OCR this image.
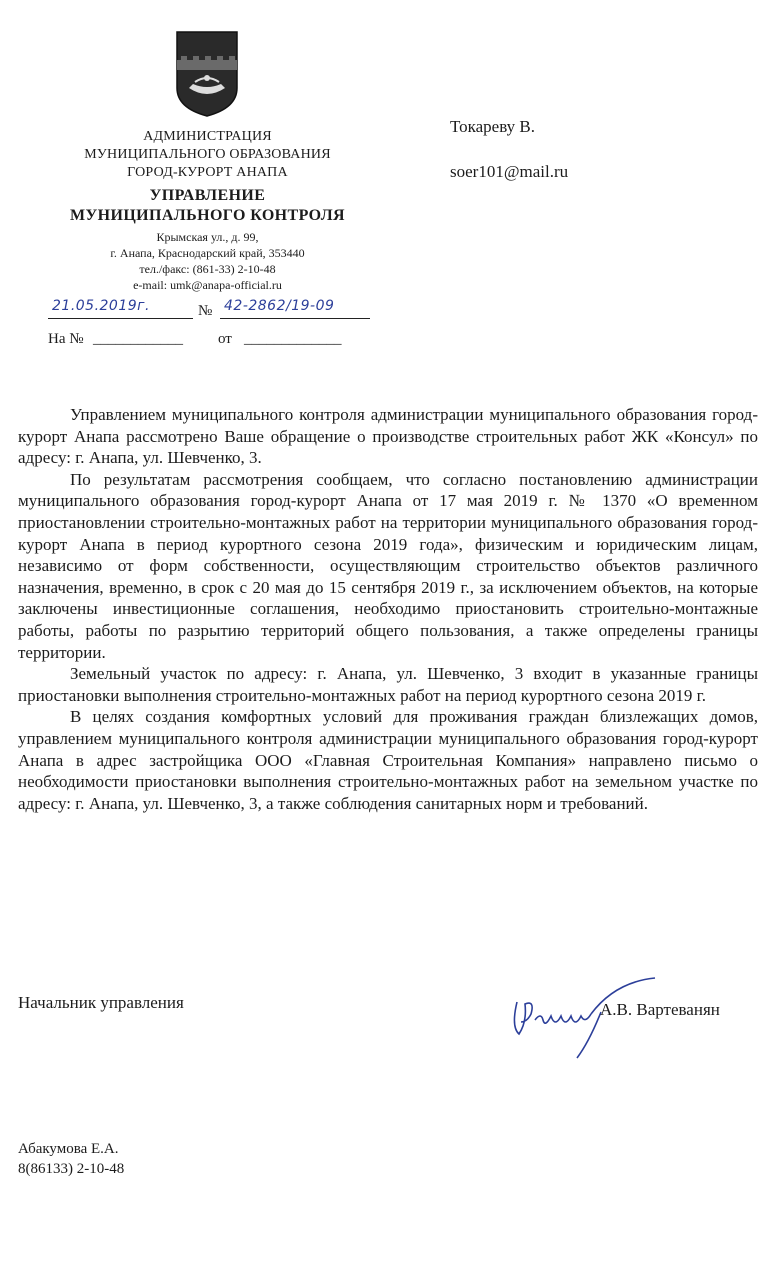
АДМИНИСТРАЦИЯ
МУНИЦИПАЛЬНОГО ОБРАЗОВАНИЯ
ГОРОД-КУРОРТ АНАПА
УПРАВЛЕНИЕ
МУНИЦИПАЛЬНОГО КОНТРОЛЯ
Крымская ул., д. 99,
г. Анапа, Краснодарский край, 353440
тел./факс: (861-33) 2-10-48
e-mail: umk@anapa-official.ru
21.05.2019г.	№ 42-2862/19-09
На № ____________ от _____________
Токареву В.
soer101@mail.ru

Управлением муниципального контроля администрации муниципального образования город-курорт Анапа рассмотрено Ваше обращение о производстве строительных работ ЖК «Консул» по адресу: г. Анапа, ул. Шевченко, 3.

По результатам рассмотрения сообщаем, что согласно постановлению администрации муниципального образования город-курорт Анапа от 17 мая 2019 г. № 1370 «О временном приостановлении строительно-монтажных работ на территории муниципального образования город-курорт Анапа в период курортного сезона 2019 года», физическим и юридическим лицам, независимо от форм собственности, осуществляющим строительство объектов различного назначения, временно, в срок с 20 мая до 15 сентября 2019 г., за исключением объектов, на которые заключены инвестиционные соглашения, необходимо приостановить строительно-монтажные работы, работы по разрытию территорий общего пользования, а также определены границы территории.

Земельный участок по адресу: г. Анапа, ул. Шевченко, 3 входит в указанные границы приостановки выполнения строительно-монтажных работ на период курортного сезона 2019 г.

В целях создания комфортных условий для проживания граждан близлежащих домов, управлением муниципального контроля администрации муниципального образования город-курорт Анапа в адрес застройщика ООО «Главная Строительная Компания» направлено письмо о необходимости приостановки выполнения строительно-монтажных работ на земельном участке по адресу: г. Анапа, ул. Шевченко, 3, а также соблюдения санитарных норм и требований.

Начальник управления	А.В. Вартеванян
Абакумова Е.А.
8(86133) 2-10-48
